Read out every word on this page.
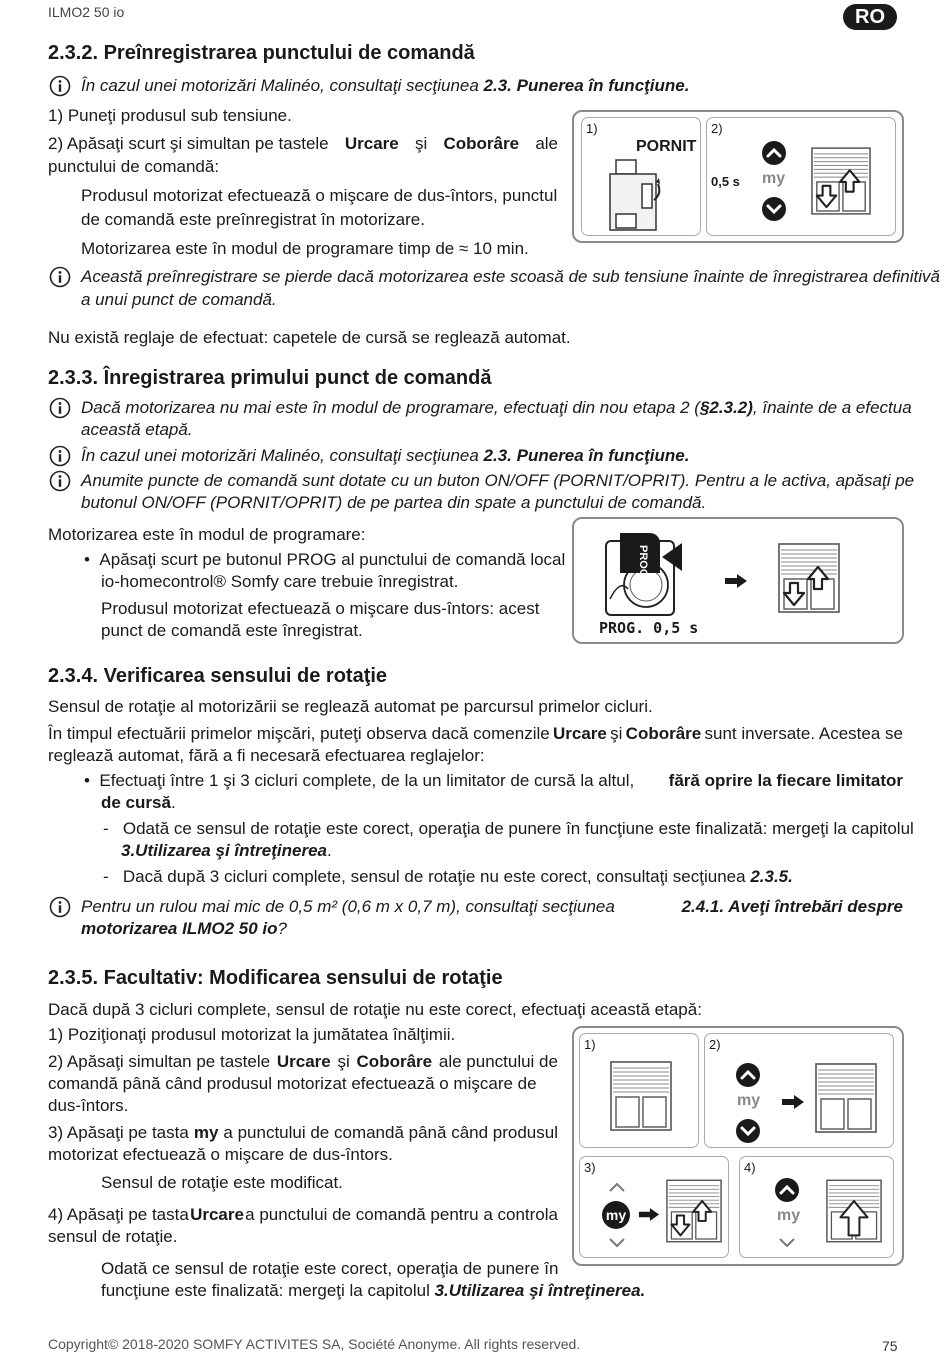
ILMO2 50 io	RO
2.3.2. Preînregistrarea punctului de comandă
În cazul unei motorizări Malinéo, consultaţi secţiunea 2.3. Punerea în funcţiune.
1) Puneţi produsul sub tensiune.
2) Apăsaţi scurt şi simultan pe tastele Urcare şi Coborâre ale
punctului de comandă:
Produsul motorizat efectuează o mişcare de dus-întors, punctul
de comandă este preînregistrat în motorizare.
Motorizarea este în modul de programare timp de ≈ 10 min.
1)
PORNIT
2)
0,5 s my
Această preînregistrare se pierde dacă motorizarea este scoasă de sub tensiune înainte de înregistrarea definitivă
a unui punct de comandă.
Nu există reglaje de efectuat: capetele de cursă se reglează automat.
2.3.3. Înregistrarea primului punct de comandă
Dacă motorizarea nu mai este în modul de programare, efectuaţi din nou etapa 2 ( §2.3.2) , înainte de a efectua
această etapă.
În cazul unei motorizări Malinéo, consultaţi secţiunea 2.3. Punerea în funcţiune.
Anumite puncte de comandă sunt dotate cu un buton ON/OFF (PORNIT/OPRIT). Pentru a le activa, apăsaţi pe
butonul ON/OFF (PORNIT/OPRIT) de pe partea din spate a punctului de comandă.
Motorizarea este în modul de programare:
•  Apăsaţi scurt pe butonul PROG al punctului de comandă local
io-homecontrol® Somfy care trebuie înregistrat.
Produsul motorizat efectuează o mişcare dus-întors: acest
punct de comandă este înregistrat.
PROG
PROG. 0,5 s
2.3.4. Verificarea sensului de rotaţie
Sensul de rotaţie al motorizării se reglează automat pe parcursul primelor cicluri.
În timpul efectuării primelor mişcări, puteţi observa dacă comenzile Urcare şi Coborâre sunt inversate. Acestea se
reglează automat, fără a fi necesară efectuarea reglajelor:
•  Efectuaţi între 1 şi 3 cicluri complete, de la un limitator de cursă la altul, fără oprire la fiecare limitator
de cursă.
-   Odată ce sensul de rotaţie este corect, operaţia de punere în funcţiune este finalizată: mergeţi la capitolul
3.Utilizarea şi întreţinerea.
-   Dacă după 3 cicluri complete, sensul de rotaţie nu este corect, consultaţi secţiunea 2.3.5.
Pentru un rulou mai mic de 0,5 m² (0,6 m x 0,7 m), consultaţi secţiunea	2.4.1. Aveţi întrebări despre
motorizarea ILMO2 50 io?
2.3.5. Facultativ: Modificarea sensului de rotaţie
Dacă după 3 cicluri complete, sensul de rotaţie nu este corect, efectuaţi această etapă:
1) Poziţionaţi produsul motorizat la jumătatea înălţimii.
2) Apăsaţi simultan pe tastele Urcare şi Coborâre ale punctului de
comandă până când produsul motorizat efectuează o mişcare de
dus-întors.
3) Apăsaţi pe tasta my a punctului de comandă până când produsul
motorizat efectuează o mişcare de dus-întors.
Sensul de rotaţie este modificat.
4) Apăsaţi pe tasta Urcare a punctului de comandă pentru a controla
sensul de rotaţie.
Odată ce sensul de rotaţie este corect, operaţia de punere în
funcţiune este finalizată: mergeţi la capitolul 3.Utilizarea şi întreţinerea.
1)	2)
my
3)
my
4)
my
Copyright© 2018-2020 SOMFY ACTIVITES SA, Société Anonyme. All rights reserved.	75
